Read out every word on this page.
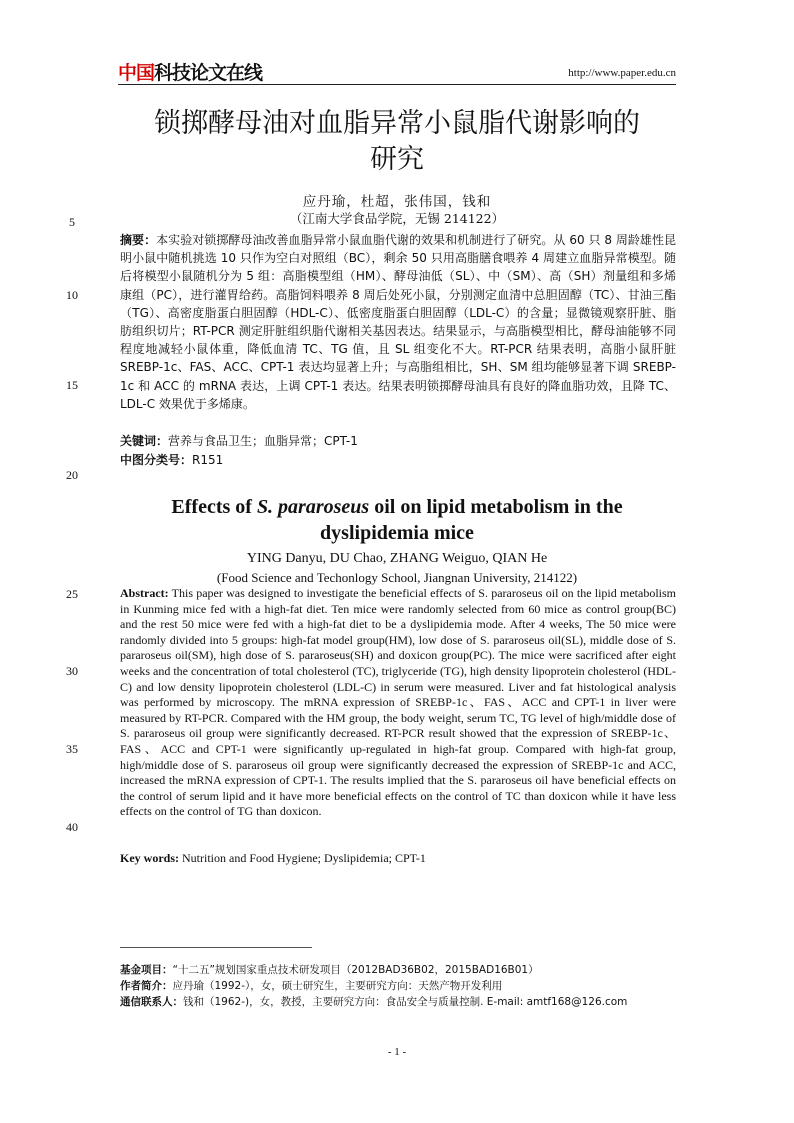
中国科技论文在线	http://www.paper.edu.cn
锁掷酵母油对血脂异常小鼠脂代谢影响的
研究
应丹瑜，杜超，张伟国，钱和
（江南大学食品学院，无锡 214122）
摘要：本实验对锁掷酵母油改善血脂异常小鼠血脂代谢的效果和机制进行了研究。从 60 只 8 周龄雄性昆明小鼠中随机挑选 10 只作为空白对照组（BC），剩余 50 只用高脂膳食喂养 4 周建立血脂异常模型。随后将模型小鼠随机分为 5 组：高脂模型组（HM）、酵母油低（SL）、中（SM）、高（SH）剂量组和多烯康组（PC），进行灌胃给药。高脂饲料喂养 8 周后处死小鼠，分别测定血清中总胆固醇（TC）、甘油三酯（TG）、高密度脂蛋白胆固醇（HDL-C）、低密度脂蛋白胆固醇（LDL-C）的含量；显微镜观察肝脏、脂肪组织切片；RT-PCR 测定肝脏组织脂代谢相关基因表达。结果显示，与高脂模型相比，酵母油能够不同程度地减轻小鼠体重，降低血清 TC、TG 值，且 SL 组变化不大。RT-PCR 结果表明，高脂小鼠肝脏 SREBP-1c、FAS、ACC、CPT-1 表达均显著上升；与高脂组相比，SH、SM 组均能够显著下调 SREBP-1c 和 ACC 的 mRNA 表达，上调 CPT-1 表达。结果表明锁掷酵母油具有良好的降血脂功效，且降 TC、LDL-C 效果优于多烯康。
关键词：营养与食品卫生；血脂异常；CPT-1
中图分类号：R151
5
10
15
20
25
30
35
40
Effects of S. pararoseus oil on lipid metabolism in the
dyslipidemia mice
YING Danyu, DU Chao, ZHANG Weiguo, QIAN He
(Food Science and Techonlogy School, Jiangnan University, 214122)
Abstract: This paper was designed to investigate the beneficial effects of S. pararoseus oil on the lipid metabolism in Kunming mice fed with a high-fat diet. Ten mice were randomly selected from 60 mice as control group(BC) and the rest 50 mice were fed with a high-fat diet to be a dyslipidemia mode. After 4 weeks, The 50 mice were randomly divided into 5 groups: high-fat model group(HM), low dose of S. pararoseus oil(SL), middle dose of S. pararoseus oil(SM), high dose of S. pararoseus(SH) and doxicon group(PC). The mice were sacrificed after eight weeks and the concentration of total cholesterol (TC), triglyceride (TG), high density lipoprotein cholesterol (HDL-C) and low density lipoprotein cholesterol (LDL-C) in serum were measured. Liver and fat histological analysis was performed by microscopy. The mRNA expression of SREBP-1c、FAS、ACC and CPT-1 in liver were measured by RT-PCR. Compared with the HM group, the body weight, serum TC, TG level of high/middle dose of S. pararoseus oil group were significantly decreased. RT-PCR result showed that the expression of SREBP-1c、FAS、ACC and CPT-1 were significantly up-regulated in high-fat group. Compared with high-fat group, high/middle dose of S. pararoseus oil group were significantly decreased the expression of SREBP-1c and ACC, increased the mRNA expression of CPT-1. The results implied that the S. pararoseus oil have beneficial effects on the control of serum lipid and it have more beneficial effects on the control of TC than doxicon while it have less effects on the control of TG than doxicon.
Key words: Nutrition and Food Hygiene; Dyslipidemia; CPT-1
基金项目：“十二五”规划国家重点技术研发项目（2012BAD36B02，2015BAD16B01）
作者简介：应丹瑜（1992-），女，硕士研究生，主要研究方向：天然产物开发利用
通信联系人：钱和（1962-)，女，教授，主要研究方向：食品安全与质量控制. E-mail: amtf168@126.com
- 1 -
